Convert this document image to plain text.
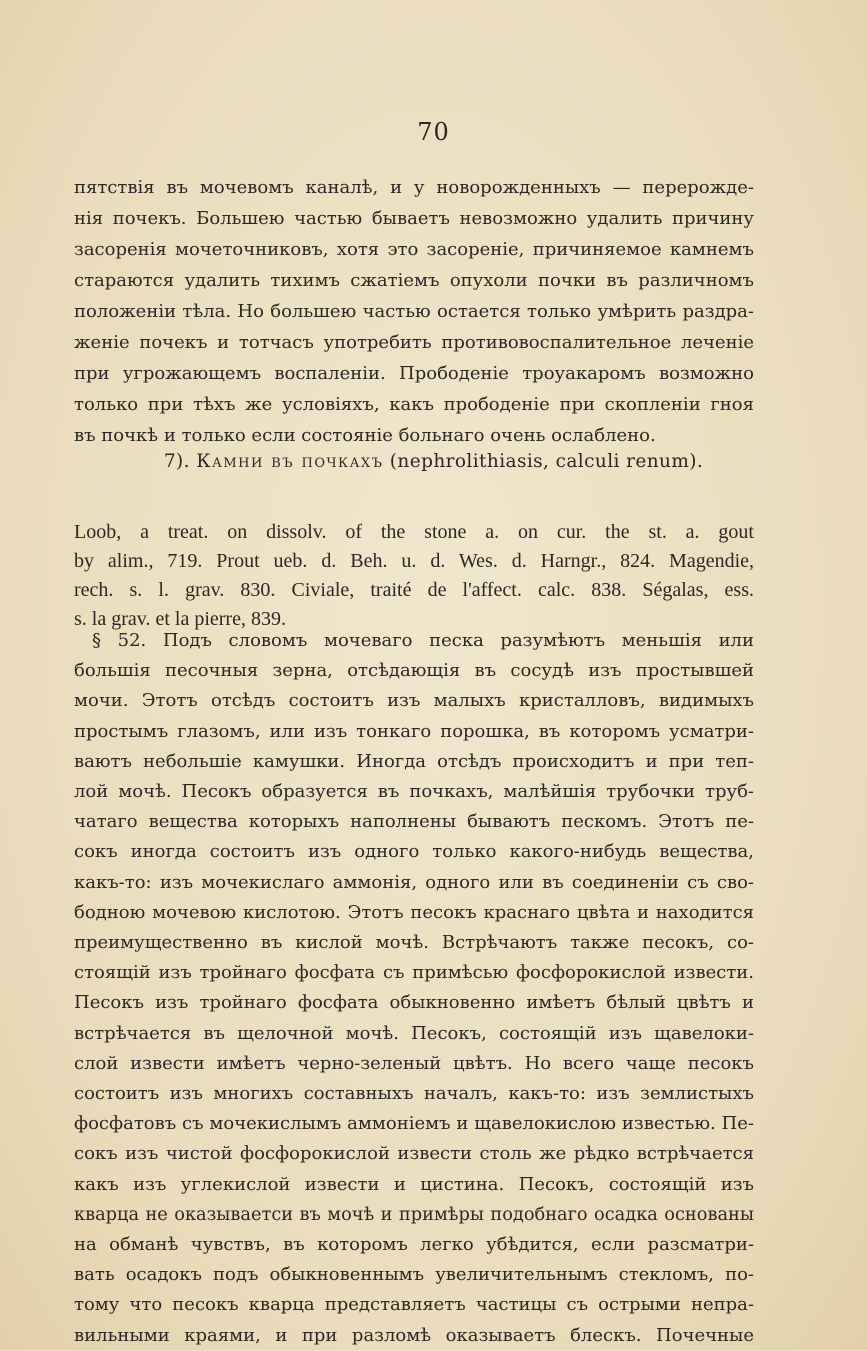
70
пятствія въ мочевомъ каналѣ, и у новорожденныхъ — перерожде-
нія почекъ. Большею частью бываетъ невозможно удалить причину
засоренія мочеточниковъ, хотя это засореніе, причиняемое камнемъ
стараются удалить тихимъ сжатіемъ опухоли почки въ различномъ
положеніи тѣла. Но большею частью остается только умѣрить раздра-
женіе почекъ и тотчасъ употребить противовоспалительное леченіе
при угрожающемъ воспаленіи. Прободеніе троуакаромъ возможно
только при тѣхъ же условіяхъ, какъ прободеніе при скопленіи гноя
въ почкѣ и только если состояніе больнаго очень ослаблено.
7). Камни въ почкахъ (nephrolithiasis, calculi renum).
Loob, a treat. on dissolv. of the stone a. on cur. the st. a. gout
by alim., 719. Prout ueb. d. Beh. u. d. Wes. d. Harngr., 824. Magendie,
rech. s. l. grav. 830. Civiale, traité de l'affect. calc. 838. Ségalas, ess.
s. la grav. et la pierre, 839.
§ 52. Подъ словомъ мочеваго песка разумѣютъ меньшія или
большія песочныя зерна, отсѣдающія въ сосудѣ изъ простывшей
мочи. Этотъ отсѣдъ состоитъ изъ малыхъ кристалловъ, видимыхъ
простымъ глазомъ, или изъ тонкаго порошка, въ которомъ усматри-
ваютъ небольшіе камушки. Иногда отсѣдъ происходитъ и при теп-
лой мочѣ. Песокъ образуется въ почкахъ, малѣйшія трубочки труб-
чатаго вещества которыхъ наполнены бываютъ пескомъ. Этотъ пе-
сокъ иногда состоитъ изъ одного только какого-нибудь вещества,
какъ-то: изъ мочекислаго аммонія, одного или въ соединеніи съ сво-
бодною мочевою кислотою. Этотъ песокъ краснаго цвѣта и находится
преимущественно въ кислой мочѣ. Встрѣчаютъ также песокъ, со-
стоящій изъ тройнаго фосфата съ примѣсью фосфорокислой извести.
Песокъ изъ тройнаго фосфата обыкновенно имѣетъ бѣлый цвѣтъ и
встрѣчается въ щелочной мочѣ. Песокъ, состоящій изъ щавелоки-
слой извести имѣетъ черно-зеленый цвѣтъ. Но всего чаще песокъ
состоитъ изъ многихъ составныхъ началъ, какъ-то: изъ землистыхъ
фосфатовъ съ мочекислымъ аммоніемъ и щавелокислою известью. Пе-
сокъ изъ чистой фосфорокислой извести столь же рѣдко встрѣчается
какъ изъ углекислой извести и цистина. Песокъ, состоящій изъ
кварца не оказываетси въ мочѣ и примѣры подобнаго осадка основаны
на обманѣ чувствъ, въ которомъ легко убѣдится, если разсматри-
вать осадокъ подъ обыкновеннымъ увеличительнымъ стекломъ, по-
тому что песокъ кварца представляетъ частицы съ острыми непра-
вильными краями, и при разломѣ оказываетъ блескъ. Почечные
